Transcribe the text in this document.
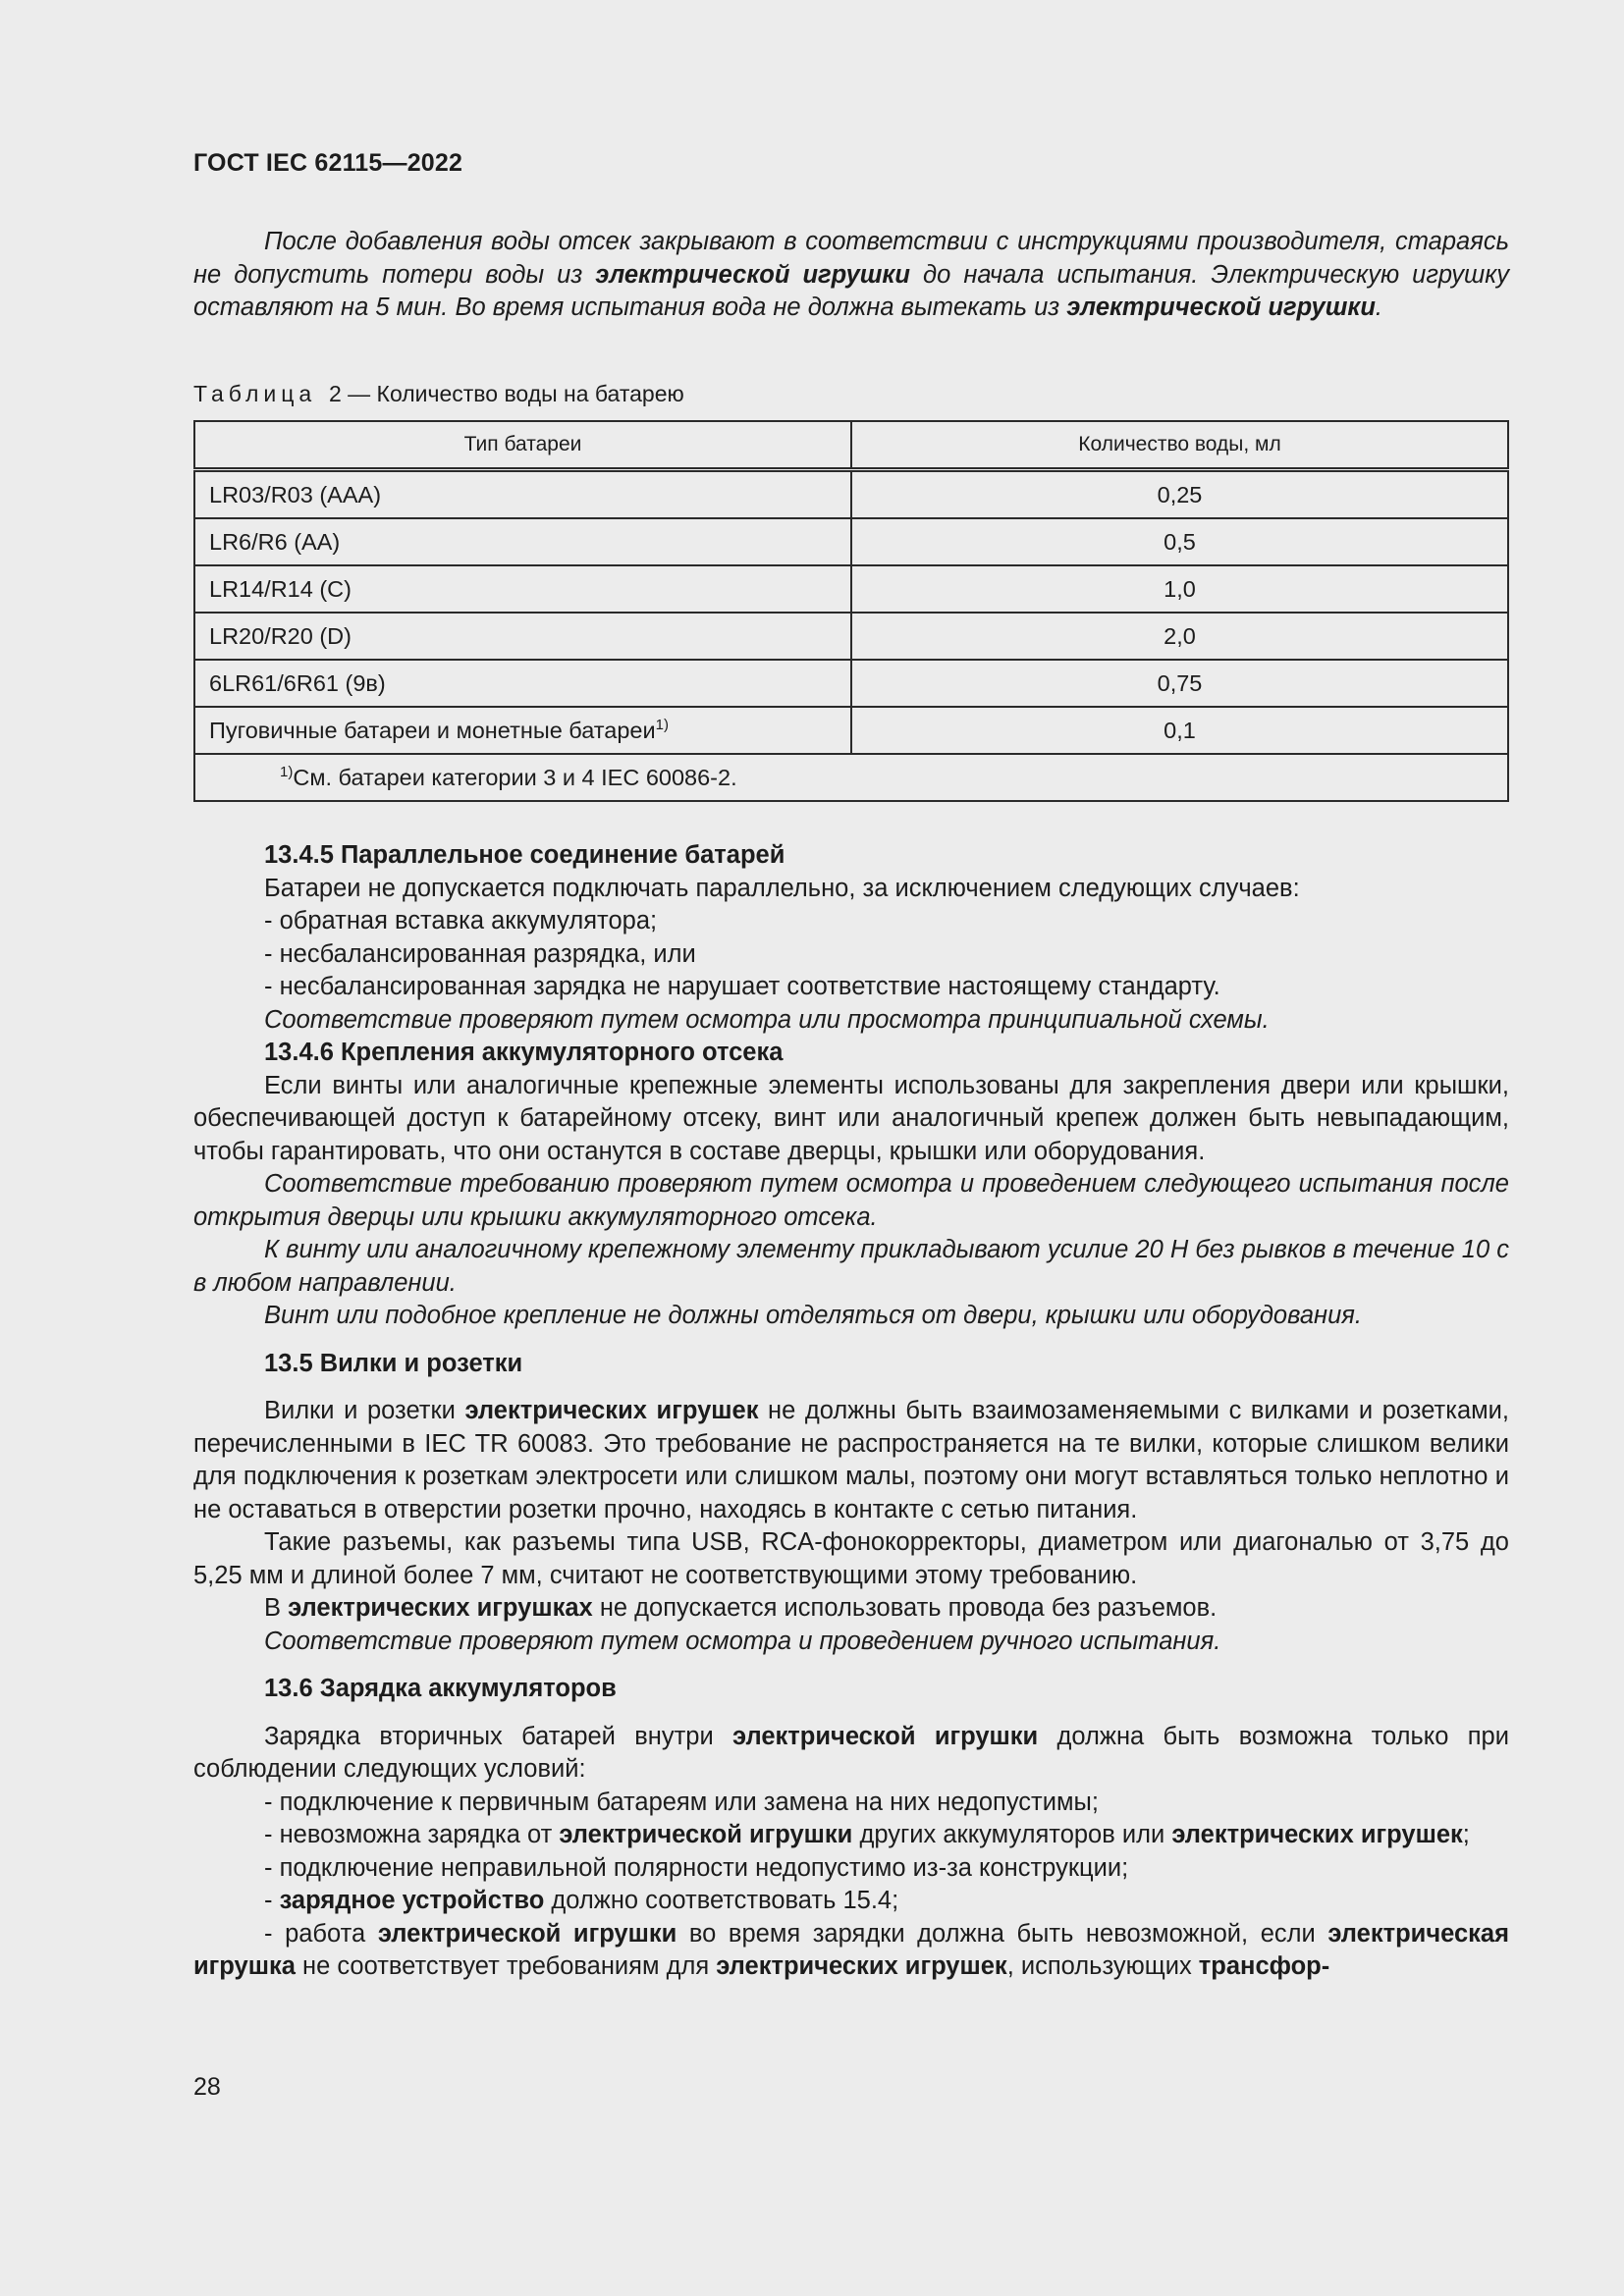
ГОСТ IEC 62115—2022

После добавления воды отсек закрывают в соответствии с инструкциями производителя, стараясь не допустить потери воды из электрической игрушки до начала испытания. Электрическую игрушку оставляют на 5 мин. Во время испытания вода не должна вытекать из электрической игрушки.

Таблица 2 — Количество воды на батарею
Тип батареи	Количество воды, мл
LR03/R03 (AAA)	0,25
LR6/R6 (AA)	0,5
LR14/R14 (C)	1,0
LR20/R20 (D)	2,0
6LR61/6R61 (9в)	0,75
Пуговичные батареи и монетные батареи$^{1)}$	0,1
$^{1)}$См. батареи категории 3 и 4 IEC 60086-2.	

13.4.5 Параллельное соединение батарей

Батареи не допускается подключать параллельно, за исключением следующих случаев:

- обратная вставка аккумулятора;

- несбалансированная разрядка, или

- несбалансированная зарядка не нарушает соответствие настоящему стандарту.

Соответствие проверяют путем осмотра или просмотра принципиальной схемы.

13.4.6 Крепления аккумуляторного отсека

Если винты или аналогичные крепежные элементы использованы для закрепления двери или крышки, обеспечивающей доступ к батарейному отсеку, винт или аналогичный крепеж должен быть невыпадающим, чтобы гарантировать, что они останутся в составе дверцы, крышки или оборудования.

Соответствие требованию проверяют путем осмотра и проведением следующего испытания после открытия дверцы или крышки аккумуляторного отсека.

К винту или аналогичному крепежному элементу прикладывают усилие 20 Н без рывков в течение 10 с в любом направлении.

Винт или подобное крепление не должны отделяться от двери, крышки или оборудования.

13.5 Вилки и розетки

Вилки и розетки электрических игрушек не должны быть взаимозаменяемыми с вилками и розетками, перечисленными в IEC TR 60083. Это требование не распространяется на те вилки, которые слишком велики для подключения к розеткам электросети или слишком малы, поэтому они могут вставляться только неплотно и не оставаться в отверстии розетки прочно, находясь в контакте с сетью питания.

Такие разъемы, как разъемы типа USB, RCA-фонокорректоры, диаметром или диагональю от 3,75 до 5,25 мм и длиной более 7 мм, считают не соответствующими этому требованию.

В электрических игрушках не допускается использовать провода без разъемов.

Соответствие проверяют путем осмотра и проведением ручного испытания.

13.6 Зарядка аккумуляторов

Зарядка вторичных батарей внутри электрической игрушки должна быть возможна только при соблюдении следующих условий:

- подключение к первичным батареям или замена на них недопустимы;

- невозможна зарядка от электрической игрушки других аккумуляторов или электрических игрушек;

- подключение неправильной полярности недопустимо из-за конструкции;

- зарядное устройство должно соответствовать 15.4;

- работа электрической игрушки во время зарядки должна быть невозможной, если электрическая игрушка не соответствует требованиям для электрических игрушек, использующих трансфор-

28
